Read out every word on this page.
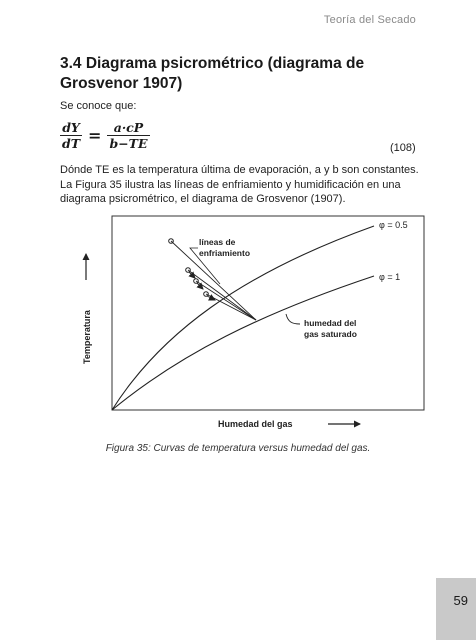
Teoría del Secado
3.4 Diagrama psicrométrico (diagrama de Grosvenor 1907)
Se conoce que:
$\frac{dY}{dT} = \frac{a\cdot cP}{b-TE}$	(108)

Dónde TE es la temperatura última de evaporación, a y b son constantes.
La Figura 35 ilustra las líneas de enfriamiento y humidificación en una
diagrama psicrométrico, el diagrama de Grosvenor (1907).

líneas de
enfriamiento
φ = 0.5
φ = 1
humedad del
gas saturado
Temperatura
Humedad del gas
Figura 35: Curvas de temperatura versus humedad del gas.
59
